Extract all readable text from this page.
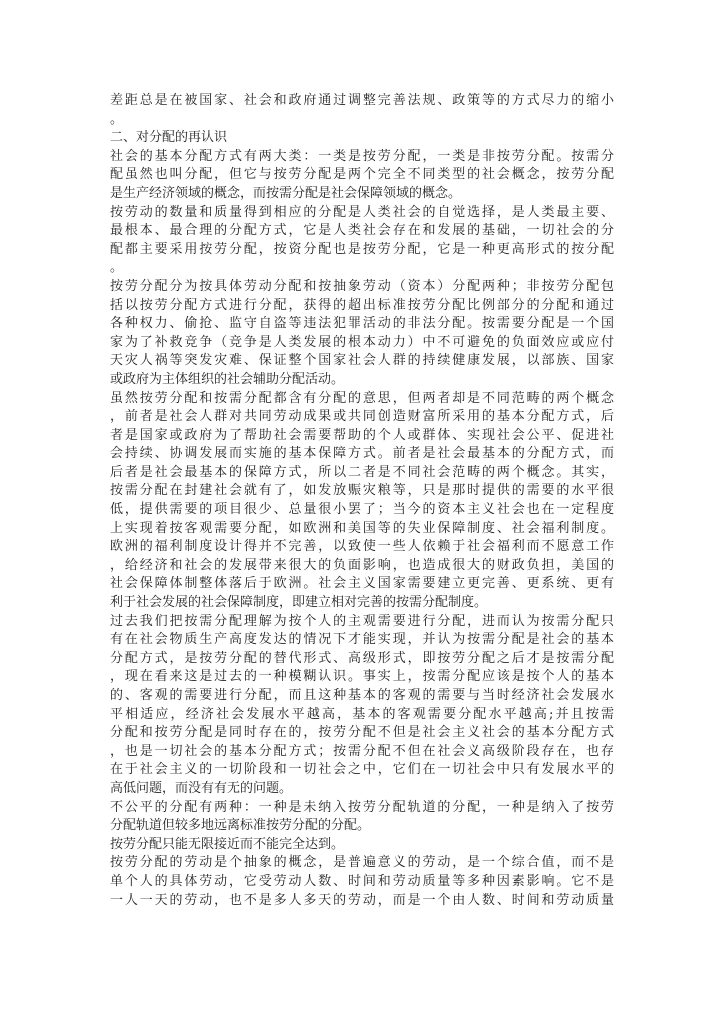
差距总是在被国家、社会和政府通过调整完善法规、政策等的方式尽力的缩小
。
二、对分配的再认识
社会的基本分配方式有两大类：一类是按劳分配，一类是非按劳分配。按需分
配虽然也叫分配，但它与按劳分配是两个完全不同类型的社会概念，按劳分配
是生产经济领域的概念，而按需分配是社会保障领域的概念。
按劳动的数量和质量得到相应的分配是人类社会的自觉选择，是人类最主要、
最根本、最合理的分配方式，它是人类社会存在和发展的基础，一切社会的分
配都主要采用按劳分配，按资分配也是按劳分配，它是一种更高形式的按分配
。
按劳分配分为按具体劳动分配和按抽象劳动（资本）分配两种；非按劳分配包
括以按劳分配方式进行分配，获得的超出标准按劳分配比例部分的分配和通过
各种权力、偷抢、监守自盗等违法犯罪活动的非法分配。按需要分配是一个国
家为了补救竞争（竞争是人类发展的根本动力）中不可避免的负面效应或应付
天灾人祸等突发灾难、保证整个国家社会人群的持续健康发展，以部族、国家
或政府为主体组织的社会辅助分配活动。
虽然按劳分配和按需分配都含有分配的意思，但两者却是不同范畴的两个概念
，前者是社会人群对共同劳动成果或共同创造财富所采用的基本分配方式，后
者是国家或政府为了帮助社会需要帮助的个人或群体、实现社会公平、促进社
会持续、协调发展而实施的基本保障方式。前者是社会最基本的分配方式，而
后者是社会最基本的保障方式，所以二者是不同社会范畴的两个概念。其实，
按需分配在封建社会就有了，如发放赈灾粮等，只是那时提供的需要的水平很
低，提供需要的项目很少、总量很小罢了；当今的资本主义社会也在一定程度
上实现着按客观需要分配，如欧洲和美国等的失业保障制度、社会福利制度。
欧洲的福利制度设计得并不完善，以致使一些人依赖于社会福利而不愿意工作
，给经济和社会的发展带来很大的负面影响，也造成很大的财政负担，美国的
社会保障体制整体落后于欧洲。社会主义国家需要建立更完善、更系统、更有
利于社会发展的社会保障制度，即建立相对完善的按需分配制度。
过去我们把按需分配理解为按个人的主观需要进行分配，进而认为按需分配只
有在社会物质生产高度发达的情况下才能实现，并认为按需分配是社会的基本
分配方式，是按劳分配的替代形式、高级形式，即按劳分配之后才是按需分配
，现在看来这是过去的一种模糊认识。事实上，按需分配应该是按个人的基本
的、客观的需要进行分配，而且这种基本的客观的需要与当时经济社会发展水
平相适应，经济社会发展水平越高，基本的客观需要分配水平越高;并且按需
分配和按劳分配是同时存在的，按劳分配不但是社会主义社会的基本分配方式
，也是一切社会的基本分配方式；按需分配不但在社会义高级阶段存在，也存
在于社会主义的一切阶段和一切社会之中，它们在一切社会中只有发展水平的
高低问题，而没有有无的问题。
不公平的分配有两种：一种是未纳入按劳分配轨道的分配，一种是纳入了按劳
分配轨道但较多地远离标准按劳分配的分配。
按劳分配只能无限接近而不能完全达到。
按劳分配的劳动是个抽象的概念，是普遍意义的劳动，是一个综合值，而不是
单个人的具体劳动，它受劳动人数、时间和劳动质量等多种因素影响。它不是
一人一天的劳动，也不是多人多天的劳动，而是一个由人数、时间和劳动质量
